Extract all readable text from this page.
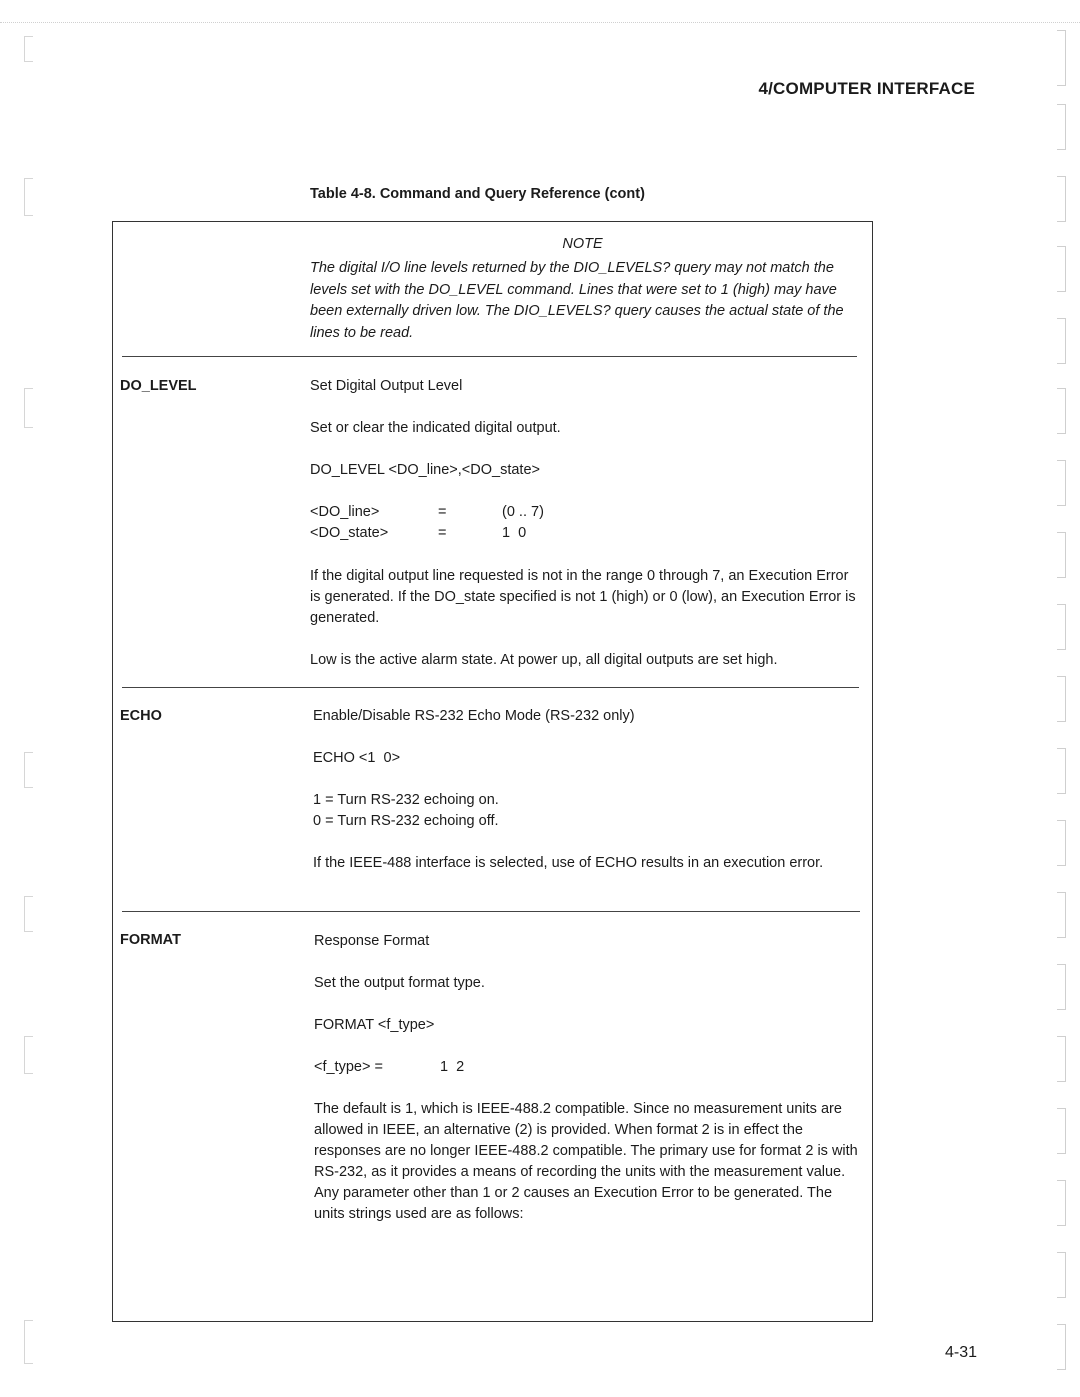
4/COMPUTER INTERFACE
Table 4-8. Command and Query Reference (cont)
NOTE
The digital I/O line levels returned by the DIO_LEVELS? query may not match the levels set with the DO_LEVEL command. Lines that were set to 1 (high) may have been externally driven low. The DIO_LEVELS? query causes the actual state of the lines to be read.
DO_LEVEL	Set Digital Output Level
Set or clear the indicated digital output.
DO_LEVEL <DO_line>,<DO_state>
<DO_line>	=	(0 .. 7)
<DO_state>	=	1  0
If the digital output line requested is not in the range 0 through 7, an Execution Error is generated. If the DO_state specified is not 1 (high) or 0 (low), an Execution Error is generated.
Low is the active alarm state. At power up, all digital outputs are set high.
ECHO	Enable/Disable RS-232 Echo Mode (RS-232 only)
ECHO <1  0>
1 = Turn RS-232 echoing on.
0 = Turn RS-232 echoing off.
If the IEEE-488 interface is selected, use of ECHO results in an execution error.
FORMAT	Response Format
Set the output format type.
FORMAT <f_type>
<f_type> =	1  2
The default is 1, which is IEEE-488.2 compatible. Since no measurement units are allowed in IEEE, an alternative (2) is provided. When format 2 is in effect the responses are no longer IEEE-488.2 compatible. The primary use for format 2 is with RS-232, as it provides a means of recording the units with the measurement value. Any parameter other than 1 or 2 causes an Execution Error to be generated. The units strings used are as follows:
4-31
